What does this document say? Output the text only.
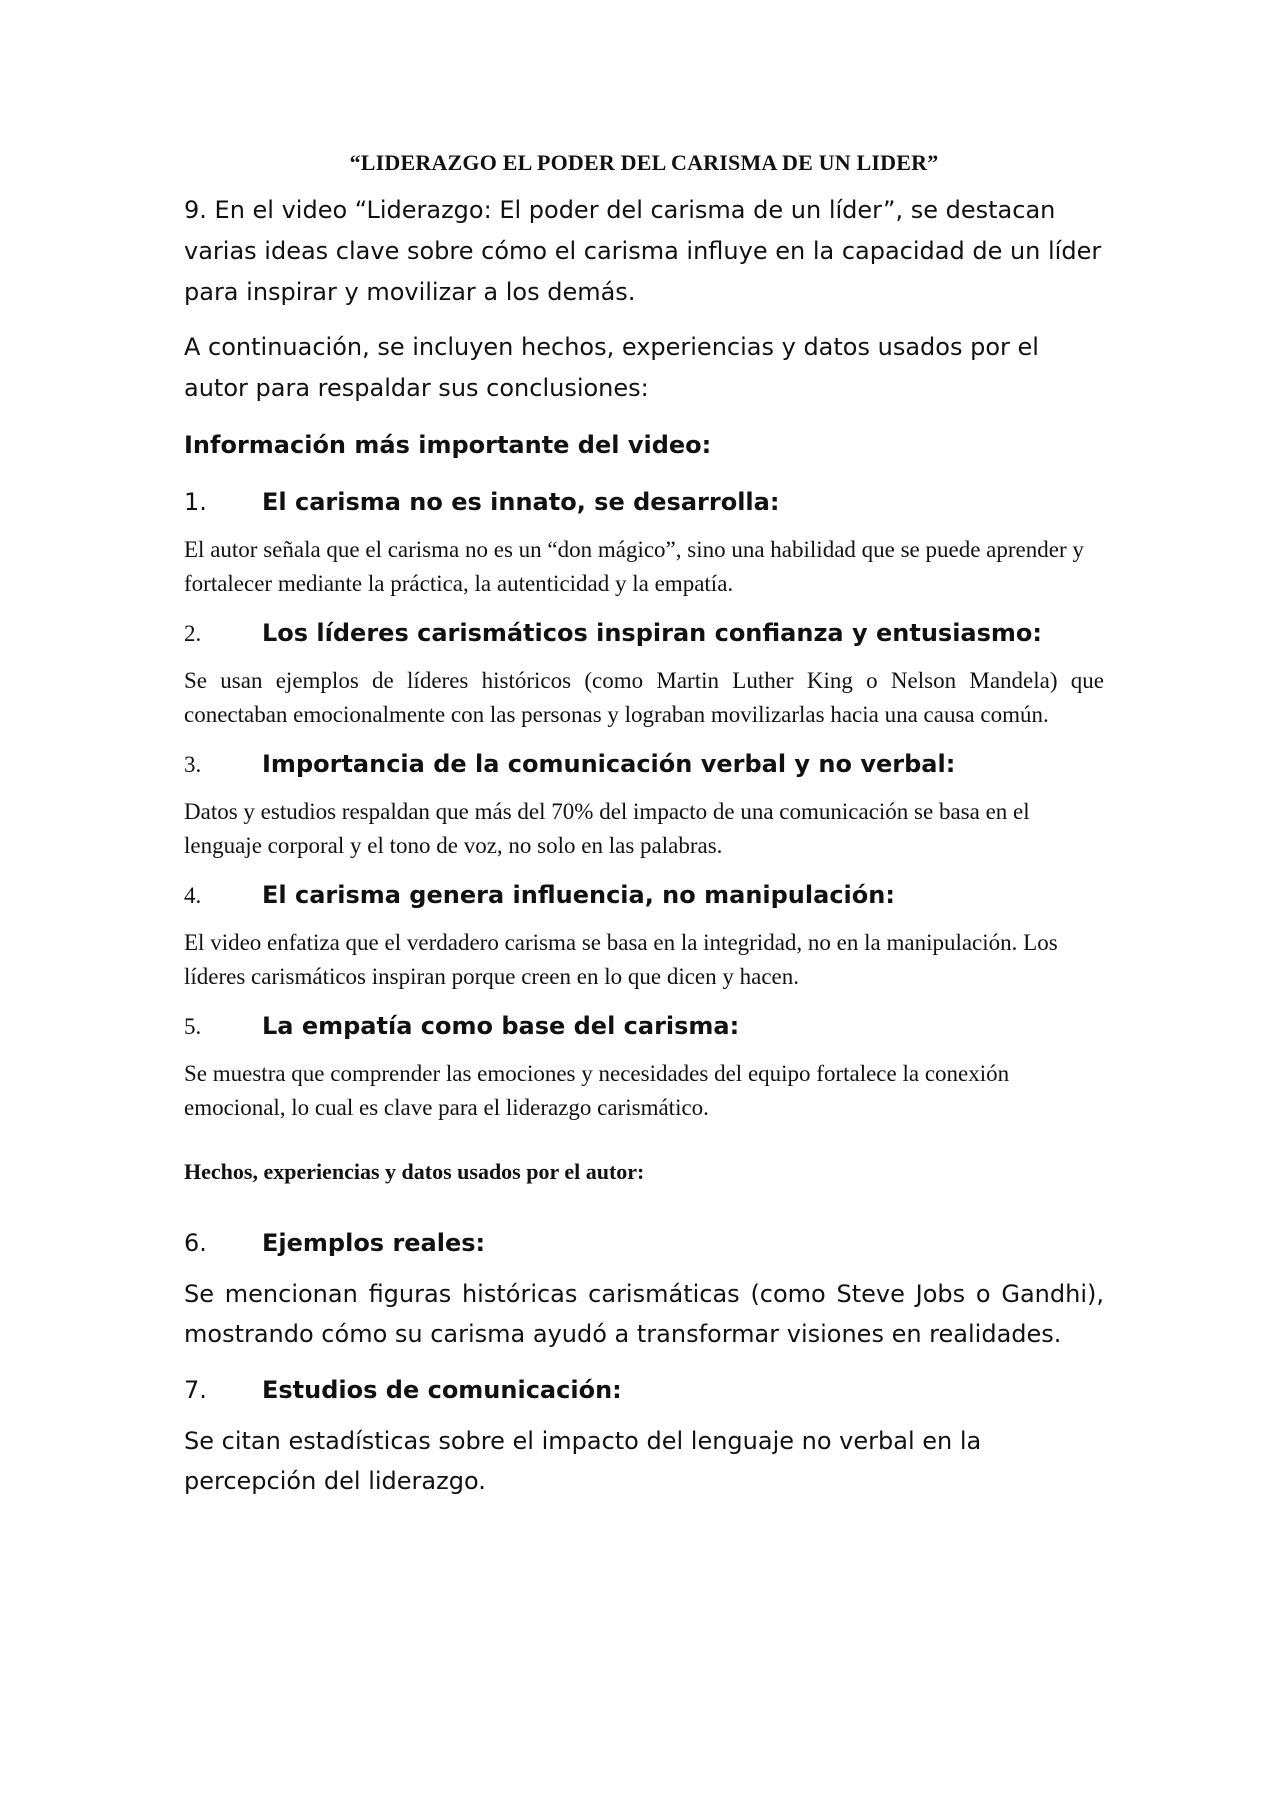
“LIDERAZGO EL PODER DEL CARISMA DE UN LIDER”

9. En el video “Liderazgo: El poder del carisma de un líder”, se destacan varias ideas clave sobre cómo el carisma influye en la capacidad de un líder para inspirar y movilizar a los demás.

A continuación, se incluyen hechos, experiencias y datos usados por el autor para respaldar sus conclusiones:

Información más importante del video:

1.	El carisma no es innato, se desarrolla:

El autor señala que el carisma no es un “don mágico”, sino una habilidad que se puede aprender y fortalecer mediante la práctica, la autenticidad y la empatía.

2.	Los líderes carismáticos inspiran confianza y entusiasmo:

Se usan ejemplos de líderes históricos (como Martin Luther King o Nelson Mandela) que conectaban emocionalmente con las personas y lograban movilizarlas hacia una causa común.

3.	Importancia de la comunicación verbal y no verbal:

Datos y estudios respaldan que más del 70% del impacto de una comunicación se basa en el lenguaje corporal y el tono de voz, no solo en las palabras.

4.	El carisma genera influencia, no manipulación:

El video enfatiza que el verdadero carisma se basa en la integridad, no en la manipulación. Los líderes carismáticos inspiran porque creen en lo que dicen y hacen.

5.	La empatía como base del carisma:

Se muestra que comprender las emociones y necesidades del equipo fortalece la conexión emocional, lo cual es clave para el liderazgo carismático.

Hechos, experiencias y datos usados por el autor:

6.	Ejemplos reales:

Se mencionan figuras históricas carismáticas (como Steve Jobs o Gandhi), mostrando cómo su carisma ayudó a transformar visiones en realidades.

7.	Estudios de comunicación:

Se citan estadísticas sobre el impacto del lenguaje no verbal en la percepción del liderazgo.
